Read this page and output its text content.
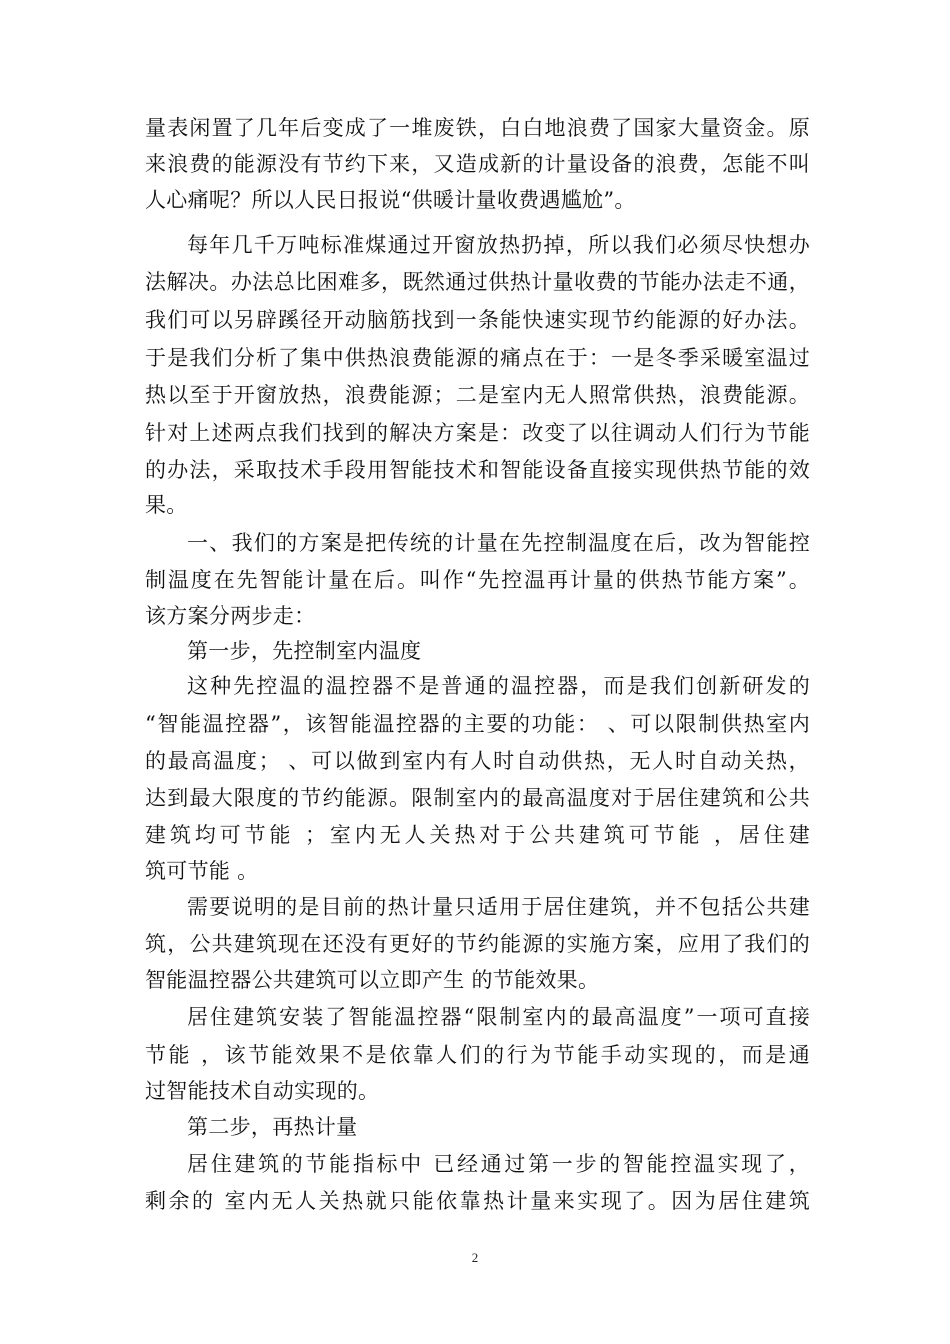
量表闲置了几年后变成了一堆废铁，白白地浪费了国家大量资金。原
来浪费的能源没有节约下来，又造成新的计量设备的浪费，怎能不叫
人心痛呢？所以人民日报说“供暖计量收费遇尴尬”。
每年几千万吨标准煤通过开窗放热扔掉，所以我们必须尽快想办
法解决。办法总比困难多，既然通过供热计量收费的节能办法走不通，
我们可以另辟蹊径开动脑筋找到一条能快速实现节约能源的好办法。
于是我们分析了集中供热浪费能源的痛点在于：一是冬季采暖室温过
热以至于开窗放热，浪费能源；二是室内无人照常供热，浪费能源。
针对上述两点我们找到的解决方案是：改变了以往调动人们行为节能
的办法，采取技术手段用智能技术和智能设备直接实现供热节能的效
果。
一、我们的方案是把传统的计量在先控制温度在后，改为智能控
制温度在先智能计量在后。叫作“先控温再计量的供热节能方案”。
该方案分两步走：
第一步，先控制室内温度
这种先控温的温控器不是普通的温控器，而是我们创新研发的
“智能温控器”，该智能温控器的主要的功能： 、可以限制供热室内
的最高温度； 、可以做到室内有人时自动供热，无人时自动关热，
达到最大限度的节约能源。限制室内的最高温度对于居住建筑和公共
建筑均可节能 ；室内无人关热对于公共建筑可节能 ，居住建
筑可节能 。
需要说明的是目前的热计量只适用于居住建筑，并不包括公共建
筑，公共建筑现在还没有更好的节约能源的实施方案，应用了我们的
智能温控器公共建筑可以立即产生 的节能效果。
居住建筑安装了智能温控器“限制室内的最高温度”一项可直接
节能 ，该节能效果不是依靠人们的行为节能手动实现的，而是通
过智能技术自动实现的。
第二步，再热计量
居住建筑的节能指标中 已经通过第一步的智能控温实现了，
剩余的 室内无人关热就只能依靠热计量来实现了。因为居住建筑
2
